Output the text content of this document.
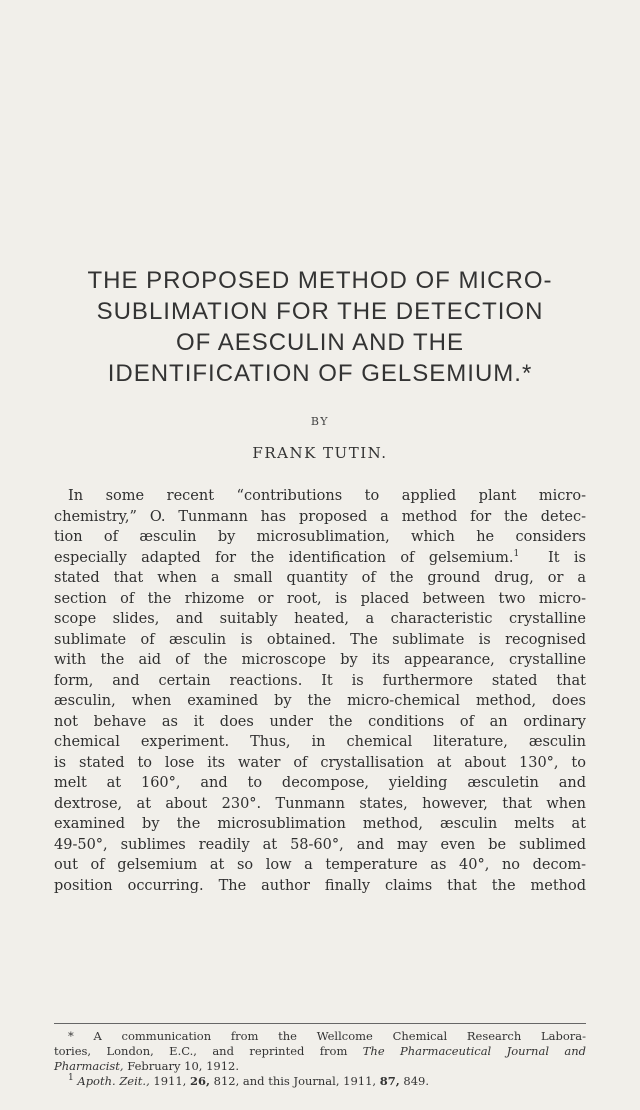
THE PROPOSED METHOD OF MICRO-
SUBLIMATION FOR THE DETECTION
OF AESCULIN AND THE
IDENTIFICATION OF GELSEMIUM.*
BY
FRANK TUTIN.
In some recent “contributions to applied plant micro-
chemistry,” O. Tunmann has proposed a method for the detec-
tion of æsculin by microsublimation, which he considers
especially adapted for the identification of gelsemium.$^1$ It is
stated that when a small quantity of the ground drug, or a
section of the rhizome or root, is placed between two micro-
scope slides, and suitably heated, a characteristic crystalline
sublimate of æsculin is obtained. The sublimate is recognised
with the aid of the microscope by its appearance, crystalline
form, and certain reactions. It is furthermore stated that
æsculin, when examined by the micro-chemical method, does
not behave as it does under the conditions of an ordinary
chemical experiment. Thus, in chemical literature, æsculin
is stated to lose its water of crystallisation at about 130°, to
melt at 160°, and to decompose, yielding æsculetin and
dextrose, at about 230°. Tunmann states, however, that when
examined by the microsublimation method, æsculin melts at
49-50°, sublimes readily at 58-60°, and may even be sublimed
out of gelsemium at so low a temperature as 40°, no decom-
position occurring. The author finally claims that the method
* A communication from the Wellcome Chemical Research Labora-
tories, London, E.C., and reprinted from The Pharmaceutical Journal and
Pharmacist, February 10, 1912.
$^1$ Apoth. Zeit., 1911, 26, 812, and this Journal, 1911, 87, 849.
